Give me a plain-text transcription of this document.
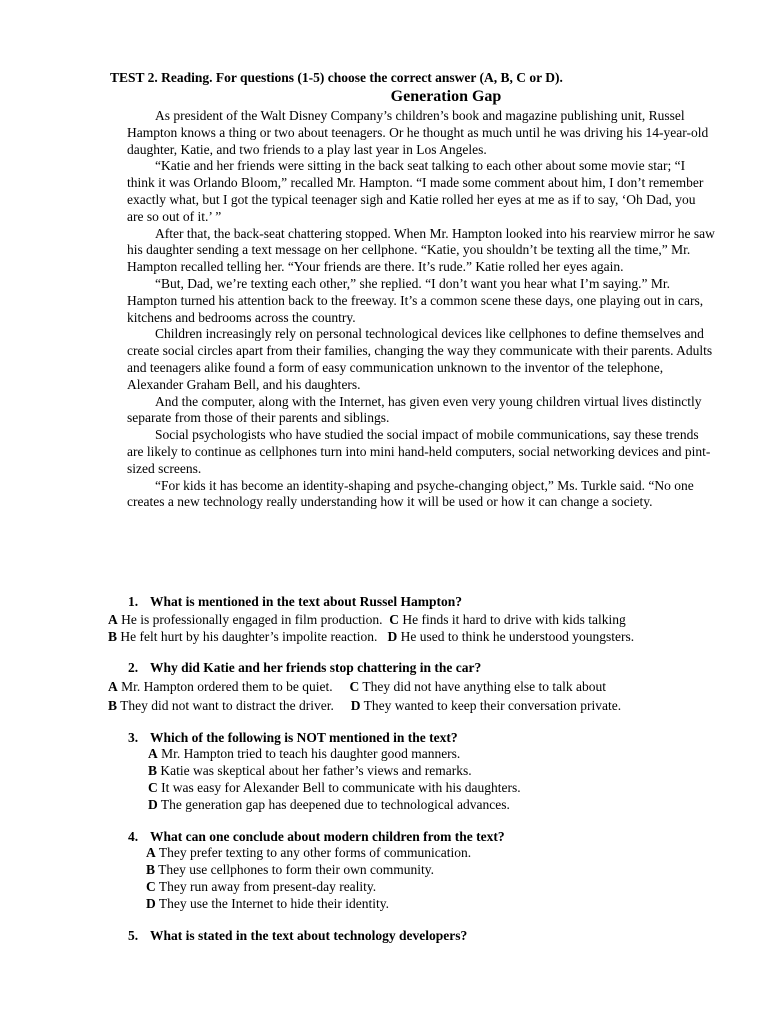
TEST 2. Reading. For questions (1-5) choose the correct answer (A, B, C or D).
Generation Gap

As president of the Walt Disney Company’s children’s book and magazine publishing unit, Russel Hampton knows a thing or two about teenagers. Or he thought as much until he was driving his 14-year-old daughter, Katie, and two friends to a play last year in Los Angeles.

“Katie and her friends were sitting in the back seat talking to each other about some movie star; “I think it was Orlando Bloom,” recalled Mr. Hampton. “I made some comment about him, I don’t remember exactly what, but I got the typical teenager sigh and Katie rolled her eyes at me as if to say, ‘Oh Dad, you are so out of it.’ ”

After that, the back-seat chattering stopped. When Mr. Hampton looked into his rearview mirror he saw his daughter sending a text message on her cellphone. “Katie, you shouldn’t be texting all the time,” Mr. Hampton recalled telling her. “Your friends are there. It’s rude.” Katie rolled her eyes again.

“But, Dad, we’re texting each other,” she replied. “I don’t want you hear what I’m saying.” Mr. Hampton turned his attention back to the freeway. It’s a common scene these days, one playing out in cars, kitchens and bedrooms across the country.

Children increasingly rely on personal technological devices like cellphones to define themselves and create social circles apart from their families, changing the way they communicate with their parents. Adults and teenagers alike found a form of easy communication unknown to the inventor of the telephone, Alexander Graham Bell, and his daughters.

And the computer, along with the Internet, has given even very young children virtual lives distinctly separate from those of their parents and siblings.

Social psychologists who have studied the social impact of mobile communications, say these trends are likely to continue as cellphones turn into mini hand-held computers, social networking devices and pint-sized screens.

“For kids it has become an identity-shaping and psyche-changing object,” Ms. Turkle said. “No one creates a new technology really understanding how it will be used or how it can change a society.

1. What is mentioned in the text about Russel Hampton?
A He is professionally engaged in film production. C He finds it hard to drive with kids talking
B He felt hurt by his daughter’s impolite reaction. D He used to think he understood youngsters.
2. Why did Katie and her friends stop chattering in the car?
A Mr. Hampton ordered them to be quiet. C They did not have anything else to talk about
B They did not want to distract the driver. D They wanted to keep their conversation private.
3. Which of the following is NOT mentioned in the text?
A Mr. Hampton tried to teach his daughter good manners.
B Katie was skeptical about her father’s views and remarks.
C It was easy for Alexander Bell to communicate with his daughters.
D The generation gap has deepened due to technological advances.
4. What can one conclude about modern children from the text?
A They prefer texting to any other forms of communication.
B They use cellphones to form their own community.
C They run away from present-day reality.
D They use the Internet to hide their identity.
5. What is stated in the text about technology developers?
